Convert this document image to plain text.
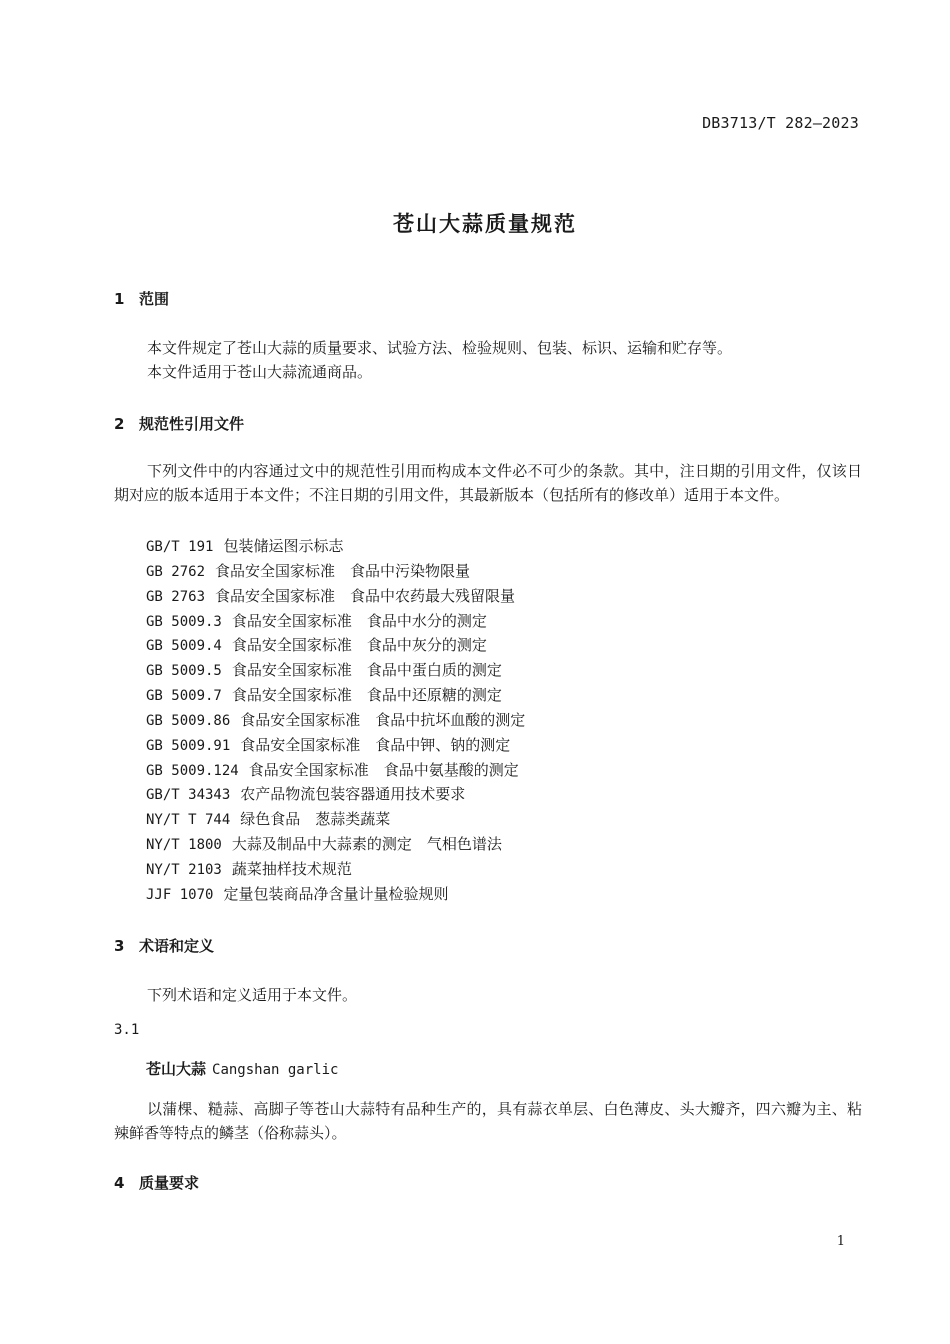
DB3713/T 282—2023
苍山大蒜质量规范
1 范围
本文件规定了苍山大蒜的质量要求、试验方法、检验规则、包装、标识、运输和贮存等。
本文件适用于苍山大蒜流通商品。
2 规范性引用文件
下列文件中的内容通过文中的规范性引用而构成本文件必不可少的条款。其中，注日期的引用文件，仅该日期对应的版本适用于本文件；不注日期的引用文件，其最新版本（包括所有的修改单）适用于本文件。
GB/T 191 包装储运图示标志
GB 2762 食品安全国家标准　食品中污染物限量
GB 2763 食品安全国家标准　食品中农药最大残留限量
GB 5009.3 食品安全国家标准　食品中水分的测定
GB 5009.4 食品安全国家标准　食品中灰分的测定
GB 5009.5 食品安全国家标准　食品中蛋白质的测定
GB 5009.7 食品安全国家标准　食品中还原糖的测定
GB 5009.86 食品安全国家标准　食品中抗坏血酸的测定
GB 5009.91 食品安全国家标准　食品中钾、钠的测定
GB 5009.124 食品安全国家标准　食品中氨基酸的测定
GB/T 34343 农产品物流包装容器通用技术要求
NY/T T 744 绿色食品　葱蒜类蔬菜
NY/T 1800 大蒜及制品中大蒜素的测定　气相色谱法
NY/T 2103 蔬菜抽样技术规范
JJF 1070 定量包装商品净含量计量检验规则
3 术语和定义
下列术语和定义适用于本文件。
3.1
苍山大蒜 Cangshan garlic
以蒲棵、糙蒜、高脚子等苍山大蒜特有品种生产的，具有蒜衣单层、白色薄皮、头大瓣齐，四六瓣为主、粘辣鲜香等特点的鳞茎（俗称蒜头）。
4 质量要求
1
